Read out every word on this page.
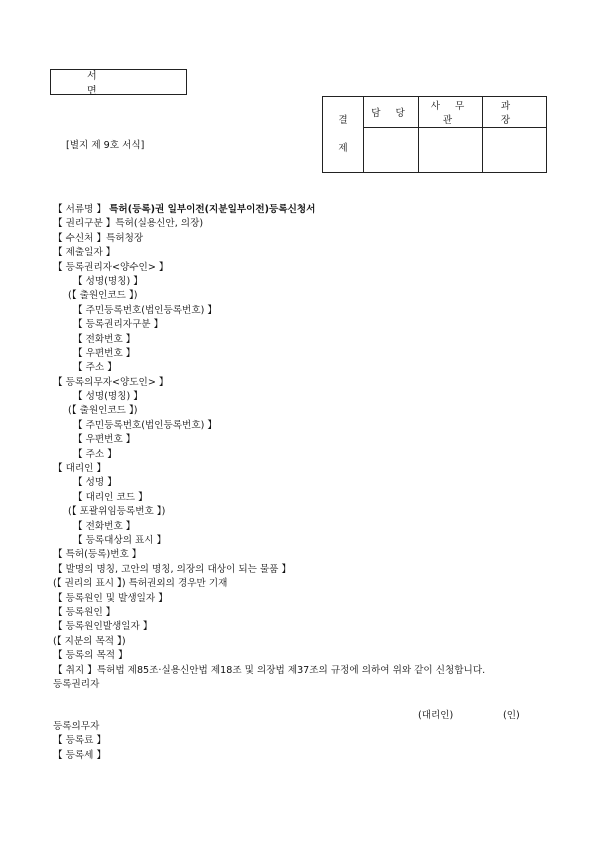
서 면
[별지 제 9호 서식]
결
제	담 당	사 무 관	과 장

【 서류명 】 특허(등록)권 일부이전(지분일부이전)등록신청서
【 권리구분 】특허(실용신안, 의장)
【 수신처 】특허청장
【 제출일자 】
【 등록권리자<양수인> 】
【 성명(명칭) 】
(【 출원인코드 】)
【 주민등록번호(법인등록번호) 】
【 등록권리자구분 】
【 전화번호 】
【 우편번호 】
【 주소 】
【 등록의무자<양도인> 】
【 성명(명칭) 】
(【 출원인코드 】)
【 주민등록번호(법인등록번호) 】
【 우편번호 】
【 주소 】
【 대리인 】
【 성명 】
【 대리인 코드 】
(【 포괄위임등록번호 】)
【 전화번호 】
【 등록대상의 표시 】
【 특허(등록)번호 】
【 발명의 명칭, 고안의 명칭, 의장의 대상이 되는 물품 】
(【 권리의 표시 】) 특허권외의 경우만 기재
【 등록원인 및 발생일자 】
【 등록원인 】
【 등록원인발생일자 】
(【 지분의 목적 】)
【 등록의 목적 】
【 취지 】특허법 제85조·실용신안법 제18조 및 의장법 제37조의 규정에 의하여 위와 같이 신청합니다.
등록권리자
(대리인)	(인)
등록의무자
【 등록료 】
【 등록세 】
